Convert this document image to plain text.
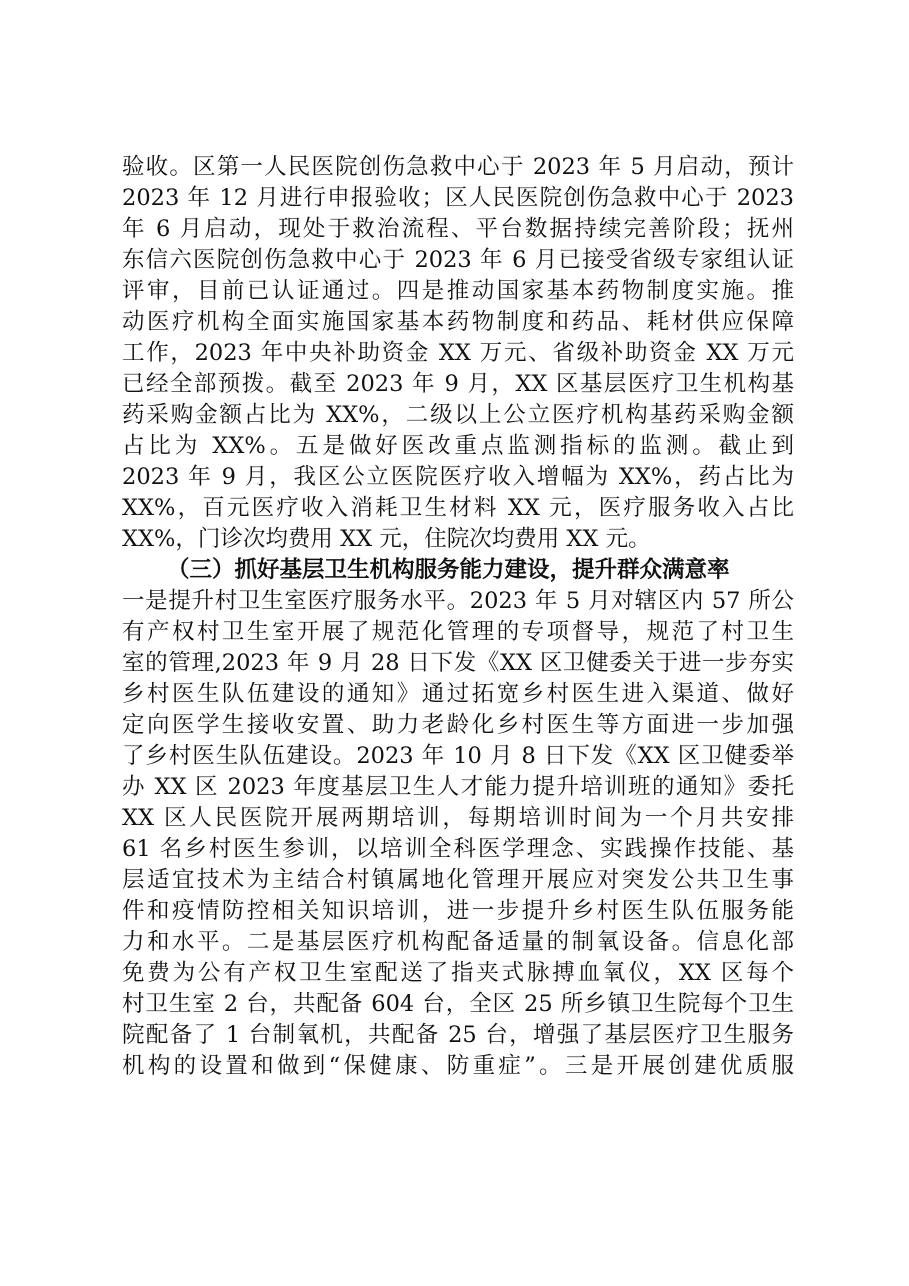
验收。区第一人民医院创伤急救中心于 2023 年 5 月启动，预计
2023 年 12 月进行申报验收；区人民医院创伤急救中心于 2023
年 6 月启动，现处于救治流程、平台数据持续完善阶段；抚州
东信六医院创伤急救中心于 2023 年 6 月已接受省级专家组认证
评审，目前已认证通过。四是推动国家基本药物制度实施。推
动医疗机构全面实施国家基本药物制度和药品、耗材供应保障
工作，2023 年中央补助资金 XX 万元、省级补助资金 XX 万元
已经全部预拨。截至 2023 年 9 月，XX 区基层医疗卫生机构基
药采购金额占比为 XX%，二级以上公立医疗机构基药采购金额
占比为 XX%。五是做好医改重点监测指标的监测。截止到
2023 年 9 月，我区公立医院医疗收入增幅为 XX%，药占比为
XX%，百元医疗收入消耗卫生材料 XX 元，医疗服务收入占比
XX%，门诊次均费用 XX 元，住院次均费用 XX 元。
（三）抓好基层卫生机构服务能力建设，提升群众满意率
一是提升村卫生室医疗服务水平。2023 年 5 月对辖区内 57 所公
有产权村卫生室开展了规范化管理的专项督导，规范了村卫生
室的管理,2023 年 9 月 28 日下发《XX 区卫健委关于进一步夯实
乡村医生队伍建设的通知》通过拓宽乡村医生进入渠道、做好
定向医学生接收安置、助力老龄化乡村医生等方面进一步加强
了乡村医生队伍建设。2023 年 10 月 8 日下发《XX 区卫健委举
办 XX 区 2023 年度基层卫生人才能力提升培训班的通知》委托
XX 区人民医院开展两期培训，每期培训时间为一个月共安排
61 名乡村医生参训，以培训全科医学理念、实践操作技能、基
层适宜技术为主结合村镇属地化管理开展应对突发公共卫生事
件和疫情防控相关知识培训，进一步提升乡村医生队伍服务能
力和水平。二是基层医疗机构配备适量的制氧设备。信息化部
免费为公有产权卫生室配送了指夹式脉搏血氧仪，XX 区每个
村卫生室 2 台，共配备 604 台，全区 25 所乡镇卫生院每个卫生
院配备了 1 台制氧机，共配备 25 台，增强了基层医疗卫生服务
机构的设置和做到“保健康、防重症”。三是开展创建优质服
